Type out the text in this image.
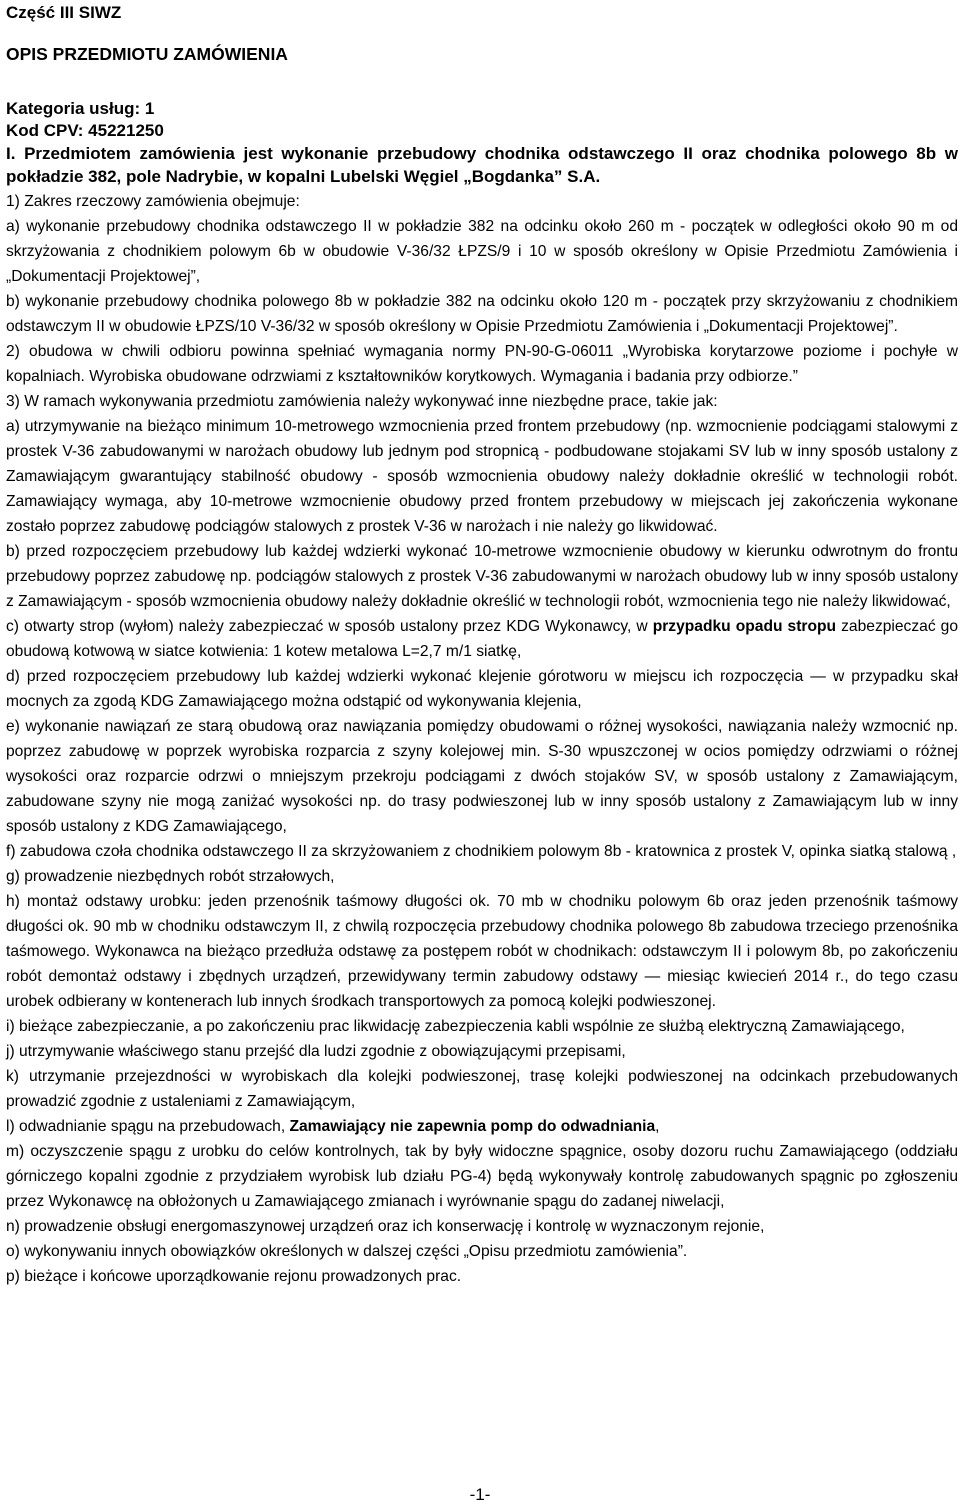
Część III SIWZ
OPIS PRZEDMIOTU ZAMÓWIENIA
Kategoria usług: 1
Kod CPV: 45221250

I. Przedmiotem zamówienia jest wykonanie przebudowy chodnika odstawczego II oraz chodnika polowego 8b w pokładzie 382, pole Nadrybie, w kopalni Lubelski Węgiel „Bogdanka” S.A.

1) Zakres rzeczowy zamówienia obejmuje:

a) wykonanie przebudowy chodnika odstawczego II w pokładzie 382 na odcinku około 260 m - początek w odległości około 90 m od skrzyżowania z chodnikiem polowym 6b w obudowie V-36/32 ŁPZS/9 i 10 w sposób określony w Opisie Przedmiotu Zamówienia i „Dokumentacji Projektowej”,

b) wykonanie przebudowy chodnika polowego 8b w pokładzie 382 na odcinku około 120 m - początek przy skrzyżowaniu z chodnikiem odstawczym II w obudowie ŁPZS/10 V-36/32 w sposób określony w Opisie Przedmiotu Zamówienia i „Dokumentacji Projektowej”.

2) obudowa w chwili odbioru powinna spełniać wymagania normy PN-90-G-06011 „Wyrobiska korytarzowe poziome i pochyłe w kopalniach. Wyrobiska obudowane odrzwiami z kształtowników korytkowych. Wymagania i badania przy odbiorze.”

3) W ramach wykonywania przedmiotu zamówienia należy wykonywać inne niezbędne prace, takie jak:

a) utrzymywanie na bieżąco minimum 10-metrowego wzmocnienia przed frontem przebudowy (np. wzmocnienie podciągami stalowymi z prostek V-36 zabudowanymi w narożach obudowy lub jednym pod stropnicą - podbudowane stojakami SV lub w inny sposób ustalony z Zamawiającym gwarantujący stabilność obudowy - sposób wzmocnienia obudowy należy dokładnie określić w technologii robót. Zamawiający wymaga, aby 10-metrowe wzmocnienie obudowy przed frontem przebudowy w miejscach jej zakończenia wykonane zostało poprzez zabudowę podciągów stalowych z prostek V-36 w narożach i nie należy go likwidować.

b) przed rozpoczęciem przebudowy lub każdej wdzierki wykonać 10-metrowe wzmocnienie obudowy w kierunku odwrotnym do frontu przebudowy poprzez zabudowę np. podciągów stalowych z prostek V-36 zabudowanymi w narożach obudowy lub w inny sposób ustalony z Zamawiającym - sposób wzmocnienia obudowy należy dokładnie określić w technologii robót, wzmocnienia tego nie należy likwidować,

c) otwarty strop (wyłom) należy zabezpieczać w sposób ustalony przez KDG Wykonawcy, w przypadku opadu stropu zabezpieczać go obudową kotwową w siatce kotwienia: 1 kotew metalowa L=2,7 m/1 siatkę,

d) przed rozpoczęciem przebudowy lub każdej wdzierki wykonać klejenie górotworu w miejscu ich rozpoczęcia — w przypadku skał mocnych za zgodą KDG Zamawiającego można odstąpić od wykonywania klejenia,

e) wykonanie nawiązań ze starą obudową oraz nawiązania pomiędzy obudowami o różnej wysokości, nawiązania należy wzmocnić np. poprzez zabudowę w poprzek wyrobiska rozparcia z szyny kolejowej min. S-30 wpuszczonej w ocios pomiędzy odrzwiami o różnej wysokości oraz rozparcie odrzwi o mniejszym przekroju podciągami z dwóch stojaków SV, w sposób ustalony z Zamawiającym, zabudowane szyny nie mogą zaniżać wysokości np. do trasy podwieszonej lub w inny sposób ustalony z Zamawiającym lub w inny sposób ustalony z KDG Zamawiającego,

f) zabudowa czoła chodnika odstawczego II za skrzyżowaniem z chodnikiem polowym 8b - kratownica z prostek V, opinka siatką stalową ,

g) prowadzenie niezbędnych robót strzałowych,

h) montaż odstawy urobku: jeden przenośnik taśmowy długości ok. 70 mb w chodniku polowym 6b oraz jeden przenośnik taśmowy długości ok. 90 mb w chodniku odstawczym II, z chwilą rozpoczęcia przebudowy chodnika polowego 8b zabudowa trzeciego przenośnika taśmowego. Wykonawca na bieżąco przedłuża odstawę za postępem robót w chodnikach: odstawczym II i polowym 8b, po zakończeniu robót demontaż odstawy i zbędnych urządzeń, przewidywany termin zabudowy odstawy — miesiąc kwiecień 2014 r., do tego czasu urobek odbierany w kontenerach lub innych środkach transportowych za pomocą kolejki podwieszonej.

i) bieżące zabezpieczanie, a po zakończeniu prac likwidację zabezpieczenia kabli wspólnie ze służbą elektryczną Zamawiającego,

j) utrzymywanie właściwego stanu przejść dla ludzi zgodnie z obowiązującymi przepisami,

k) utrzymanie przejezdności w wyrobiskach dla kolejki podwieszonej, trasę kolejki podwieszonej na odcinkach przebudowanych prowadzić zgodnie z ustaleniami z Zamawiającym,

l) odwadnianie spągu na przebudowach, Zamawiający nie zapewnia pomp do odwadniania,

m) oczyszczenie spągu z urobku do celów kontrolnych, tak by były widoczne spągnice, osoby dozoru ruchu Zamawiającego (oddziału górniczego kopalni zgodnie z przydziałem wyrobisk lub działu PG-4) będą wykonywały kontrolę zabudowanych spągnic po zgłoszeniu przez Wykonawcę na obłożonych u Zamawiającego zmianach i wyrównanie spągu do zadanej niwelacji,

n) prowadzenie obsługi energomaszynowej urządzeń oraz ich konserwację i kontrolę w wyznaczonym rejonie,

o) wykonywaniu innych obowiązków określonych w dalszej części „Opisu przedmiotu zamówienia”.

p) bieżące i końcowe uporządkowanie rejonu prowadzonych prac.

-1-
